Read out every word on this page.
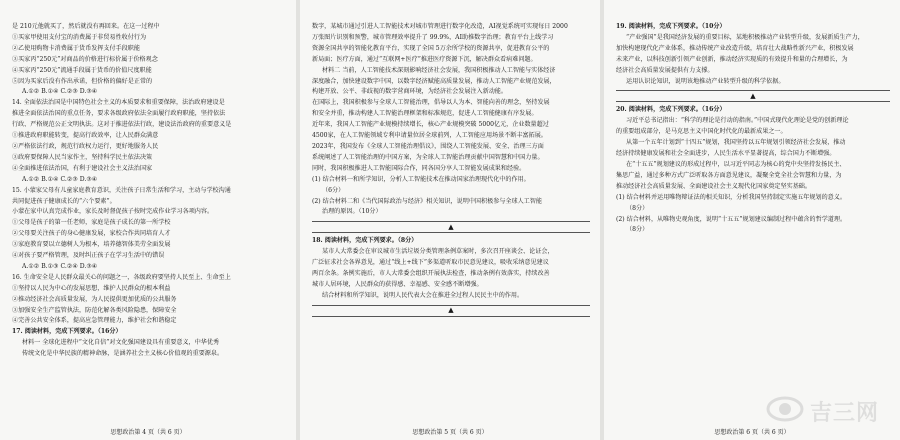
是 210元他就买了，然后就没有再回来。在这一过程中

①买家甲使用支付宝的消费属于非贸易性收付行为

②乙使用购物卡消费属于货币发挥支付手段职能

③买家丙“250元”对商品的价格进行标价属于价格观念

④买家丙“250元”流通手段属于货币的价值尺度职能

⑤因为买家后没有作出承诺，但价格的偏好是正常的

A.①② B.①④ C.②③ D.③④

14. 全面依法治国是中国特色社会主义的本质要求和重要保障，法治政府建设是

推进全面依法治国的重点任务，要求各级政府依法全面履行政府职能，坚持依法

行政、严格规范公正文明执法。这对于推进依法行政，建设法治政府的重要意义是

①推进政府职能转变，提高行政效率，让人民群众满意

②严格依法行政，规范行政权力运行，更好地服务人民

③政府要保障人民当家作主，坚持科学民主依法决策

④全面推进依法治国，有利于建设社会主义法治国家

A.①② B.①④ C.②③ D.③④

15. 小蒙家父母有儿童家庭教育意识，关注孩子日常生活和学习，主动与学校沟通

共同促进孩子健康成长的“六个要素”。

小蒙在家中认真完成作业，家长及时督促孩子按时完成作业学习各项内容。

①父母是孩子的第一任老师，家庭是孩子成长的第一所学校

②父母要关注孩子的身心健康发展，家校合作共同培育人才

③家庭教育要以立德树人为根本，培养德智体美劳全面发展

④对孩子要严格管理，及时纠正孩子在学习生活中的错误

A.①② B.①③ C.②④ D.③④

16. 生命安全是人民群众最关心的问题之一，各级政府要坚持人民至上、生命至上

①坚持以人民为中心的发展思想，维护人民群众的根本利益

②推动经济社会高质量发展，为人民提供更加优质的公共服务

③加强安全生产监管执法，防范化解各类风险隐患，保障安全

④完善公共安全体系，提高应急管理能力，维护社会和谐稳定

17. 阅读材料，完成下列要求。（16分）

材料一 全球化进程中“文化自信”对文化强国建设具有重要意义，中华优秀

传统文化是中华民族的精神命脉，是涵养社会主义核心价值观的重要源泉。

思想政治第 4 页（共 6 页）

数字，某城市通过引进人工智能技术对城市管理进行数字化改造，AI视觉系统可实现每日 2000

万张图片识别和预警，城市管理效率提升了 99.9%，AI助推数字治理；教育平台上线学习

资源全国共享的智能化教育平台，实现了全国 5万余所学校的资源共享，促进教育公平的

新局面；医疗方面，通过“互联网+医疗”推进医疗资源下沉，解决群众看病难问题。

材料二 当前，人工智能技术深刻影响经济社会发展，我国积极推动人工智能与实体经济

深度融合，加快建设数字中国，以数字经济赋能高质量发展，推动人工智能产业规范发展，

构建开放、公平、非歧视的数字营商环境，为经济社会发展注入新动能。

在国际上，我国积极参与全球人工智能治理，倡导以人为本、智能向善的理念，坚持发展

和安全并重，推动构建人工智能治理框架和标准规范，促进人工智能健康有序发展。

近年来，我国人工智能产业规模持续增长，核心产业规模突破 5000亿元，企业数量超过

4500家，在人工智能领域专利申请量位居全球前列，人工智能应用场景不断丰富拓展。

2023年，我国发布《全球人工智能治理倡议》，围绕人工智能发展、安全、治理三方面

系统阐述了人工智能治理的中国方案，为全球人工智能治理贡献中国智慧和中国力量。

同时，我国积极推进人工智能国际合作，同各国分享人工智能发展成果和经验。

(1) 结合材料一和所学知识，分析人工智能技术在推动国家治理现代化中的作用。

（6分）

(2) 结合材料二和《当代国际政治与经济》相关知识，说明中国积极参与全球人工智能

治理的原因。（10分）

▲

18. 阅读材料，完成下列要求。（8分）

某市人大常委会在审议城市生活垃圾分类管理条例草案时，多次召开座谈会、论证会，

广泛征求社会各界意见，通过“线上+线下”多渠道听取市民意见建议，吸收采纳意见建议

两百余条。条例实施后，市人大常委会组织开展执法检查，推动条例有效落实，持续改善

城市人居环境，人民群众的获得感、幸福感、安全感不断增强。

结合材料和所学知识，说明人民代表大会在推进全过程人民民主中的作用。

▲
思想政治第 5 页（共 6 页）

19. 阅读材料，完成下列要求。（10分）

“产业强国”是我国经济发展的重要目标，某地积极推动产业转型升级，发展新质生产力，

加快构建现代化产业体系，推动传统产业改造升级，培育壮大战略性新兴产业，积极发展

未来产业，以科技创新引领产业创新，推动经济实现质的有效提升和量的合理增长，为

经济社会高质量发展提供有力支撑。

运用认识论知识，说明该地推动产业转型升级的科学依据。

▲

20. 阅读材料，完成下列要求。（16分）

习近平总书记指出：“科学的理论是行动的指南。”中国式现代化理论是党的创新理论

的重要组成部分，是马克思主义中国化时代化的最新成果之一。

从第一个五年计划到“十四五”规划，我国坚持以五年规划引领经济社会发展，推动

经济持续健康发展和社会全面进步，人民生活水平显著提高，综合国力不断增强。

在“十五五”规划建议的形成过程中，以习近平同志为核心的党中央坚持发扬民主、

集思广益，通过多种方式广泛听取各方面意见建议，凝聚全党全社会智慧和力量，为

推动经济社会高质量发展、全面建设社会主义现代化国家奠定坚实基础。

(1) 结合材料并运用唯物辩证法的相关知识，分析我国坚持制定实施五年规划的意义。

（8分）

(2) 结合材料，从唯物史观角度，说明“十五五”规划建议编制过程中蕴含的哲学道理。

（8分）

思想政治第 6 页（共 6 页）
吉三网
